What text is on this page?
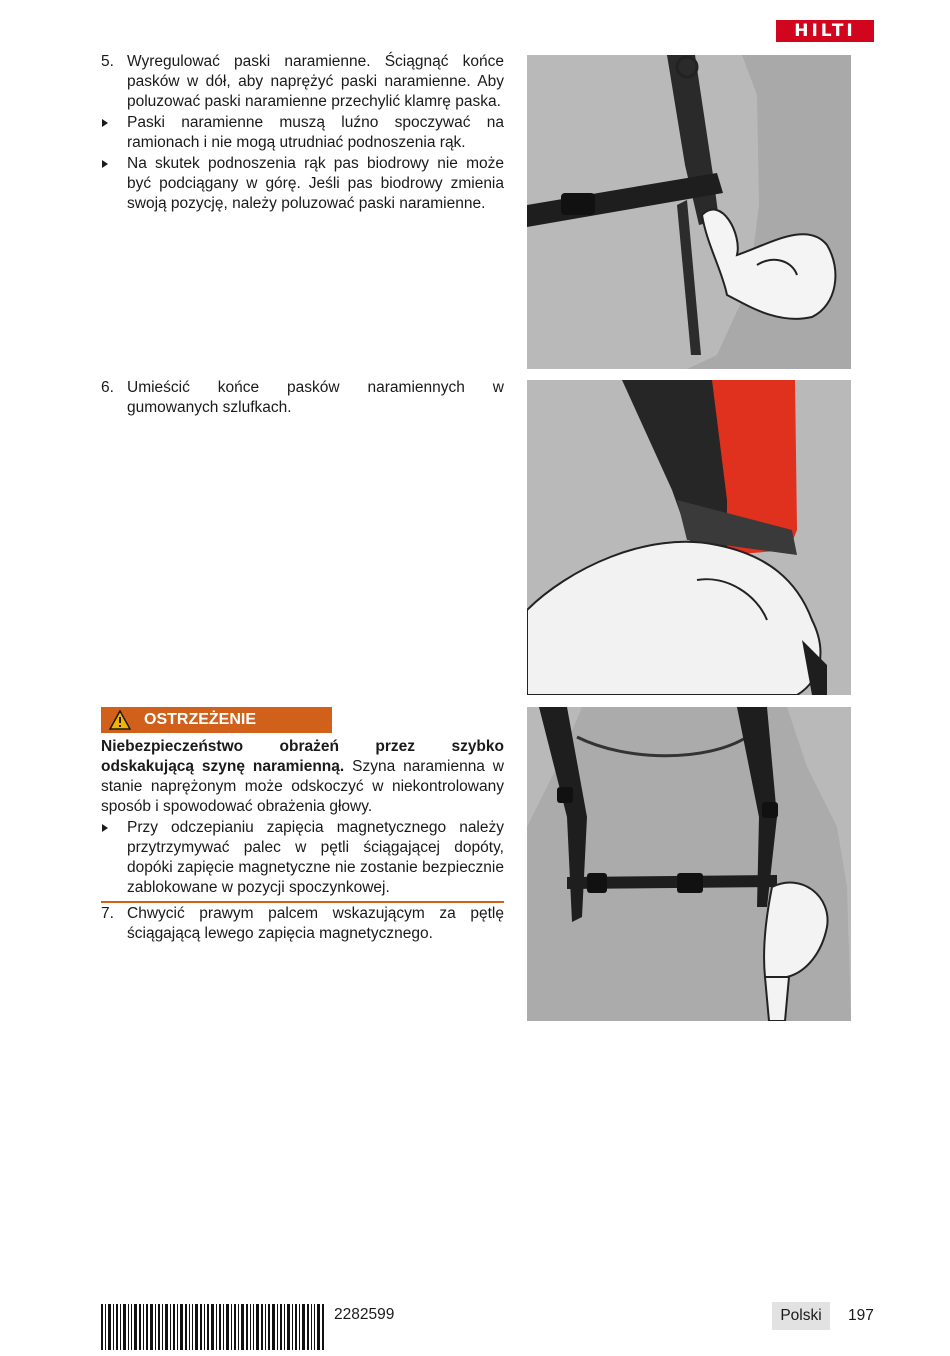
HILTI
5. Wyregulować paski naramienne. Ściągnąć końce pasków w dół, aby naprężyć paski naramienne. Aby poluzować paski naramienne przechylić klamrę paska.
Paski naramienne muszą luźno spoczywać na ramionach i nie mogą utrudniać podnoszenia rąk.
Na skutek podnoszenia rąk pas biodrowy nie może być podciągany w górę. Jeśli pas biodrowy zmienia swoją pozycję, należy poluzować paski naramienne.
6. Umieścić końce pasków naramiennych w gumowanych szlufkach.
OSTRZEŻENIE
Niebezpieczeństwo obrażeń przez szybko odskakującą szynę naramienną. Szyna naramienna w stanie naprężonym może odskoczyć w niekontrolowany sposób i spowodować obrażenia głowy.
Przy odczepianiu zapięcia magnetycznego należy przytrzymywać palec w pętli ściągającej dopóty, dopóki zapięcie magnetyczne nie zostanie bezpiecznie zablokowane w pozycji spoczynkowej.
7. Chwycić prawym palcem wskazującym za pętlę ściągającą lewego zapięcia magnetycznego.
2282599	Polski	197
